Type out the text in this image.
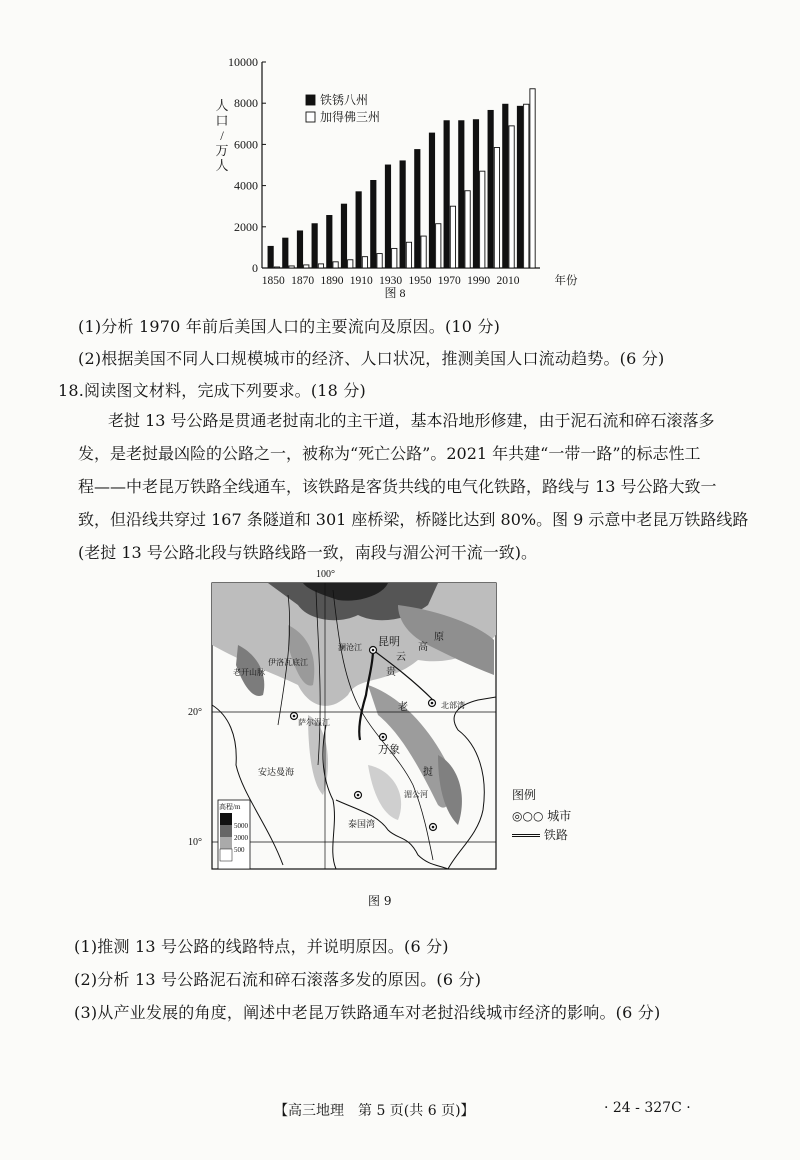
铁锈八州
加得佛三州
0
2000
4000
6000
8000
10000
人
口
/
万
人
1850 1870 1890 1910 1930 1950 1970 1990 2010	年份
图 8
(1)分析 1970 年前后美国人口的主要流向及原因。(10 分)
(2)根据美国不同人口规模城市的经济、人口状况，推测美国人口流动趋势。(6 分)
18.阅读图文材料，完成下列要求。(18 分)
老挝 13 号公路是贯通老挝南北的主干道，基本沿地形修建，由于泥石流和碎石滚落多
发，是老挝最凶险的公路之一，被称为“死亡公路”。2021 年共建“一带一路”的标志性工
程——中老昆万铁路全线通车，该铁路是客货共线的电气化铁路，路线与 13 号公路大致一
致，但沿线共穿过 167 条隧道和 301 座桥梁，桥隧比达到 80%。图 9 示意中老昆万铁路线路
(老挝 13 号公路北段与铁路线路一致，南段与湄公河干流一致)。
100°
20°
10°
昆明
万象
北部湾
泰国湾
云
贵
高
原
老
挝
澜沧江
伊洛瓦底江
萨尔温江
湄公河
安达曼海
老开山脉
高程/m
5000
2000
500
图例
◎○○ 城市
铁路
图 9
(1)推测 13 号公路的线路特点，并说明原因。(6 分)
(2)分析 13 号公路泥石流和碎石滚落多发的原因。(6 分)
(3)从产业发展的角度，阐述中老昆万铁路通车对老挝沿线城市经济的影响。(6 分)
【高三地理　第 5 页(共 6 页)】	· 24 - 327C ·
